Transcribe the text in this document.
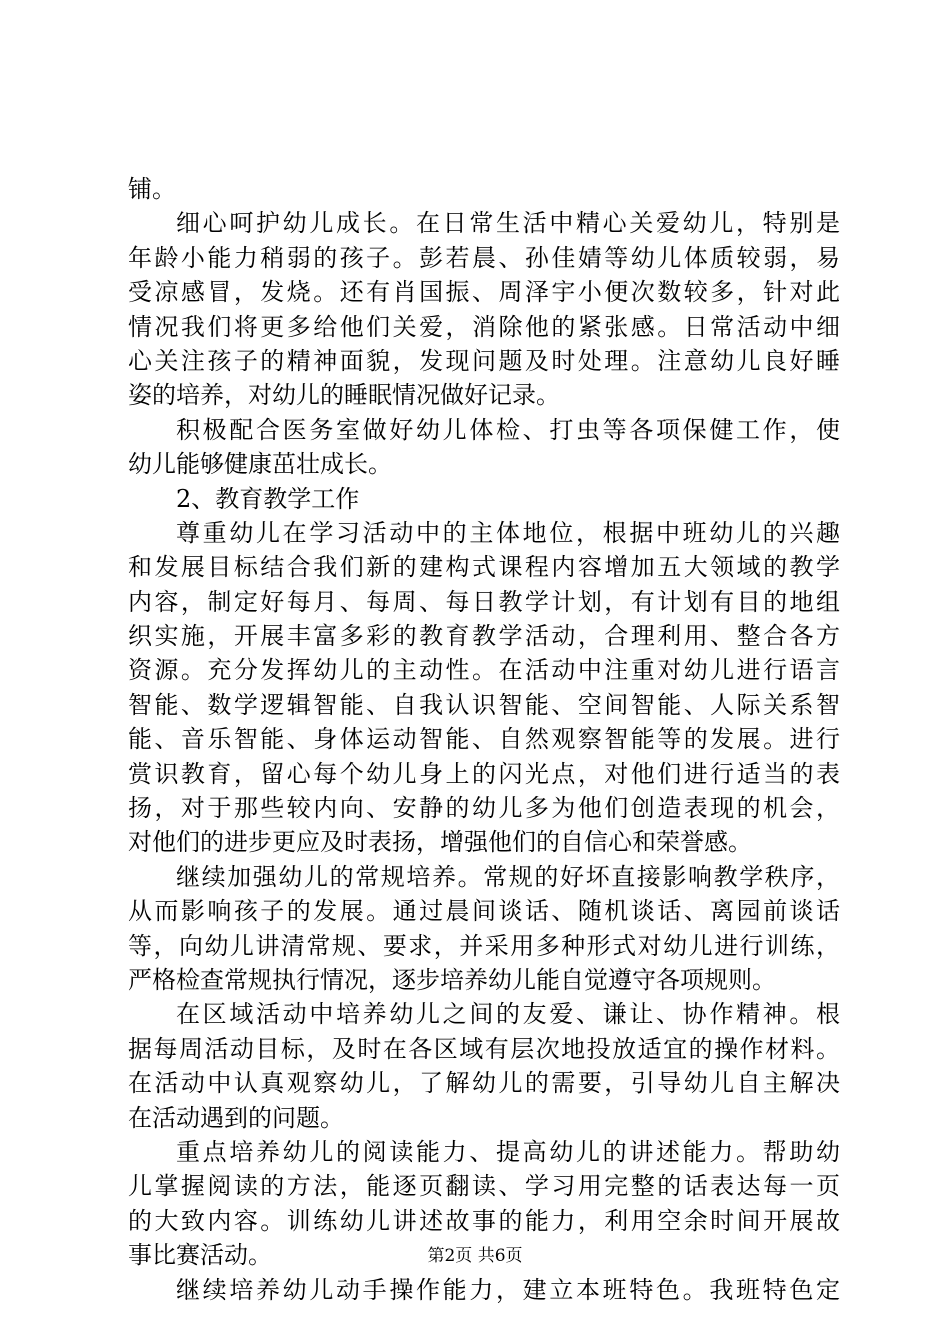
铺。
细心呵护幼儿成长。在日常生活中精心关爱幼儿，特别是
年龄小能力稍弱的孩子。彭若晨、孙佳婧等幼儿体质较弱，易
受凉感冒，发烧。还有肖国振、周泽宇小便次数较多，针对此
情况我们将更多给他们关爱，消除他的紧张感。日常活动中细
心关注孩子的精神面貌，发现问题及时处理。注意幼儿良好睡
姿的培养，对幼儿的睡眠情况做好记录。
积极配合医务室做好幼儿体检、打虫等各项保健工作，使
幼儿能够健康茁壮成长。
2、教育教学工作
尊重幼儿在学习活动中的主体地位，根据中班幼儿的兴趣
和发展目标结合我们新的建构式课程内容增加五大领域的教学
内容，制定好每月、每周、每日教学计划，有计划有目的地组
织实施，开展丰富多彩的教育教学活动，合理利用、整合各方
资源。充分发挥幼儿的主动性。在活动中注重对幼儿进行语言
智能、数学逻辑智能、自我认识智能、空间智能、人际关系智
能、音乐智能、身体运动智能、自然观察智能等的发展。进行
赏识教育，留心每个幼儿身上的闪光点，对他们进行适当的表
扬，对于那些较内向、安静的幼儿多为他们创造表现的机会，
对他们的进步更应及时表扬，增强他们的自信心和荣誉感。
继续加强幼儿的常规培养。常规的好坏直接影响教学秩序，
从而影响孩子的发展。通过晨间谈话、随机谈话、离园前谈话
等，向幼儿讲清常规、要求，并采用多种形式对幼儿进行训练，
严格检查常规执行情况，逐步培养幼儿能自觉遵守各项规则。
在区域活动中培养幼儿之间的友爱、谦让、协作精神。根
据每周活动目标，及时在各区域有层次地投放适宜的操作材料。
在活动中认真观察幼儿，了解幼儿的需要，引导幼儿自主解决
在活动遇到的问题。
重点培养幼儿的阅读能力、提高幼儿的讲述能力。帮助幼
儿掌握阅读的方法，能逐页翻读、学习用完整的话表达每一页
的大致内容。训练幼儿讲述故事的能力，利用空余时间开展故
事比赛活动。
继续培养幼儿动手操作能力，建立本班特色。我班特色定
第2页 共6页
